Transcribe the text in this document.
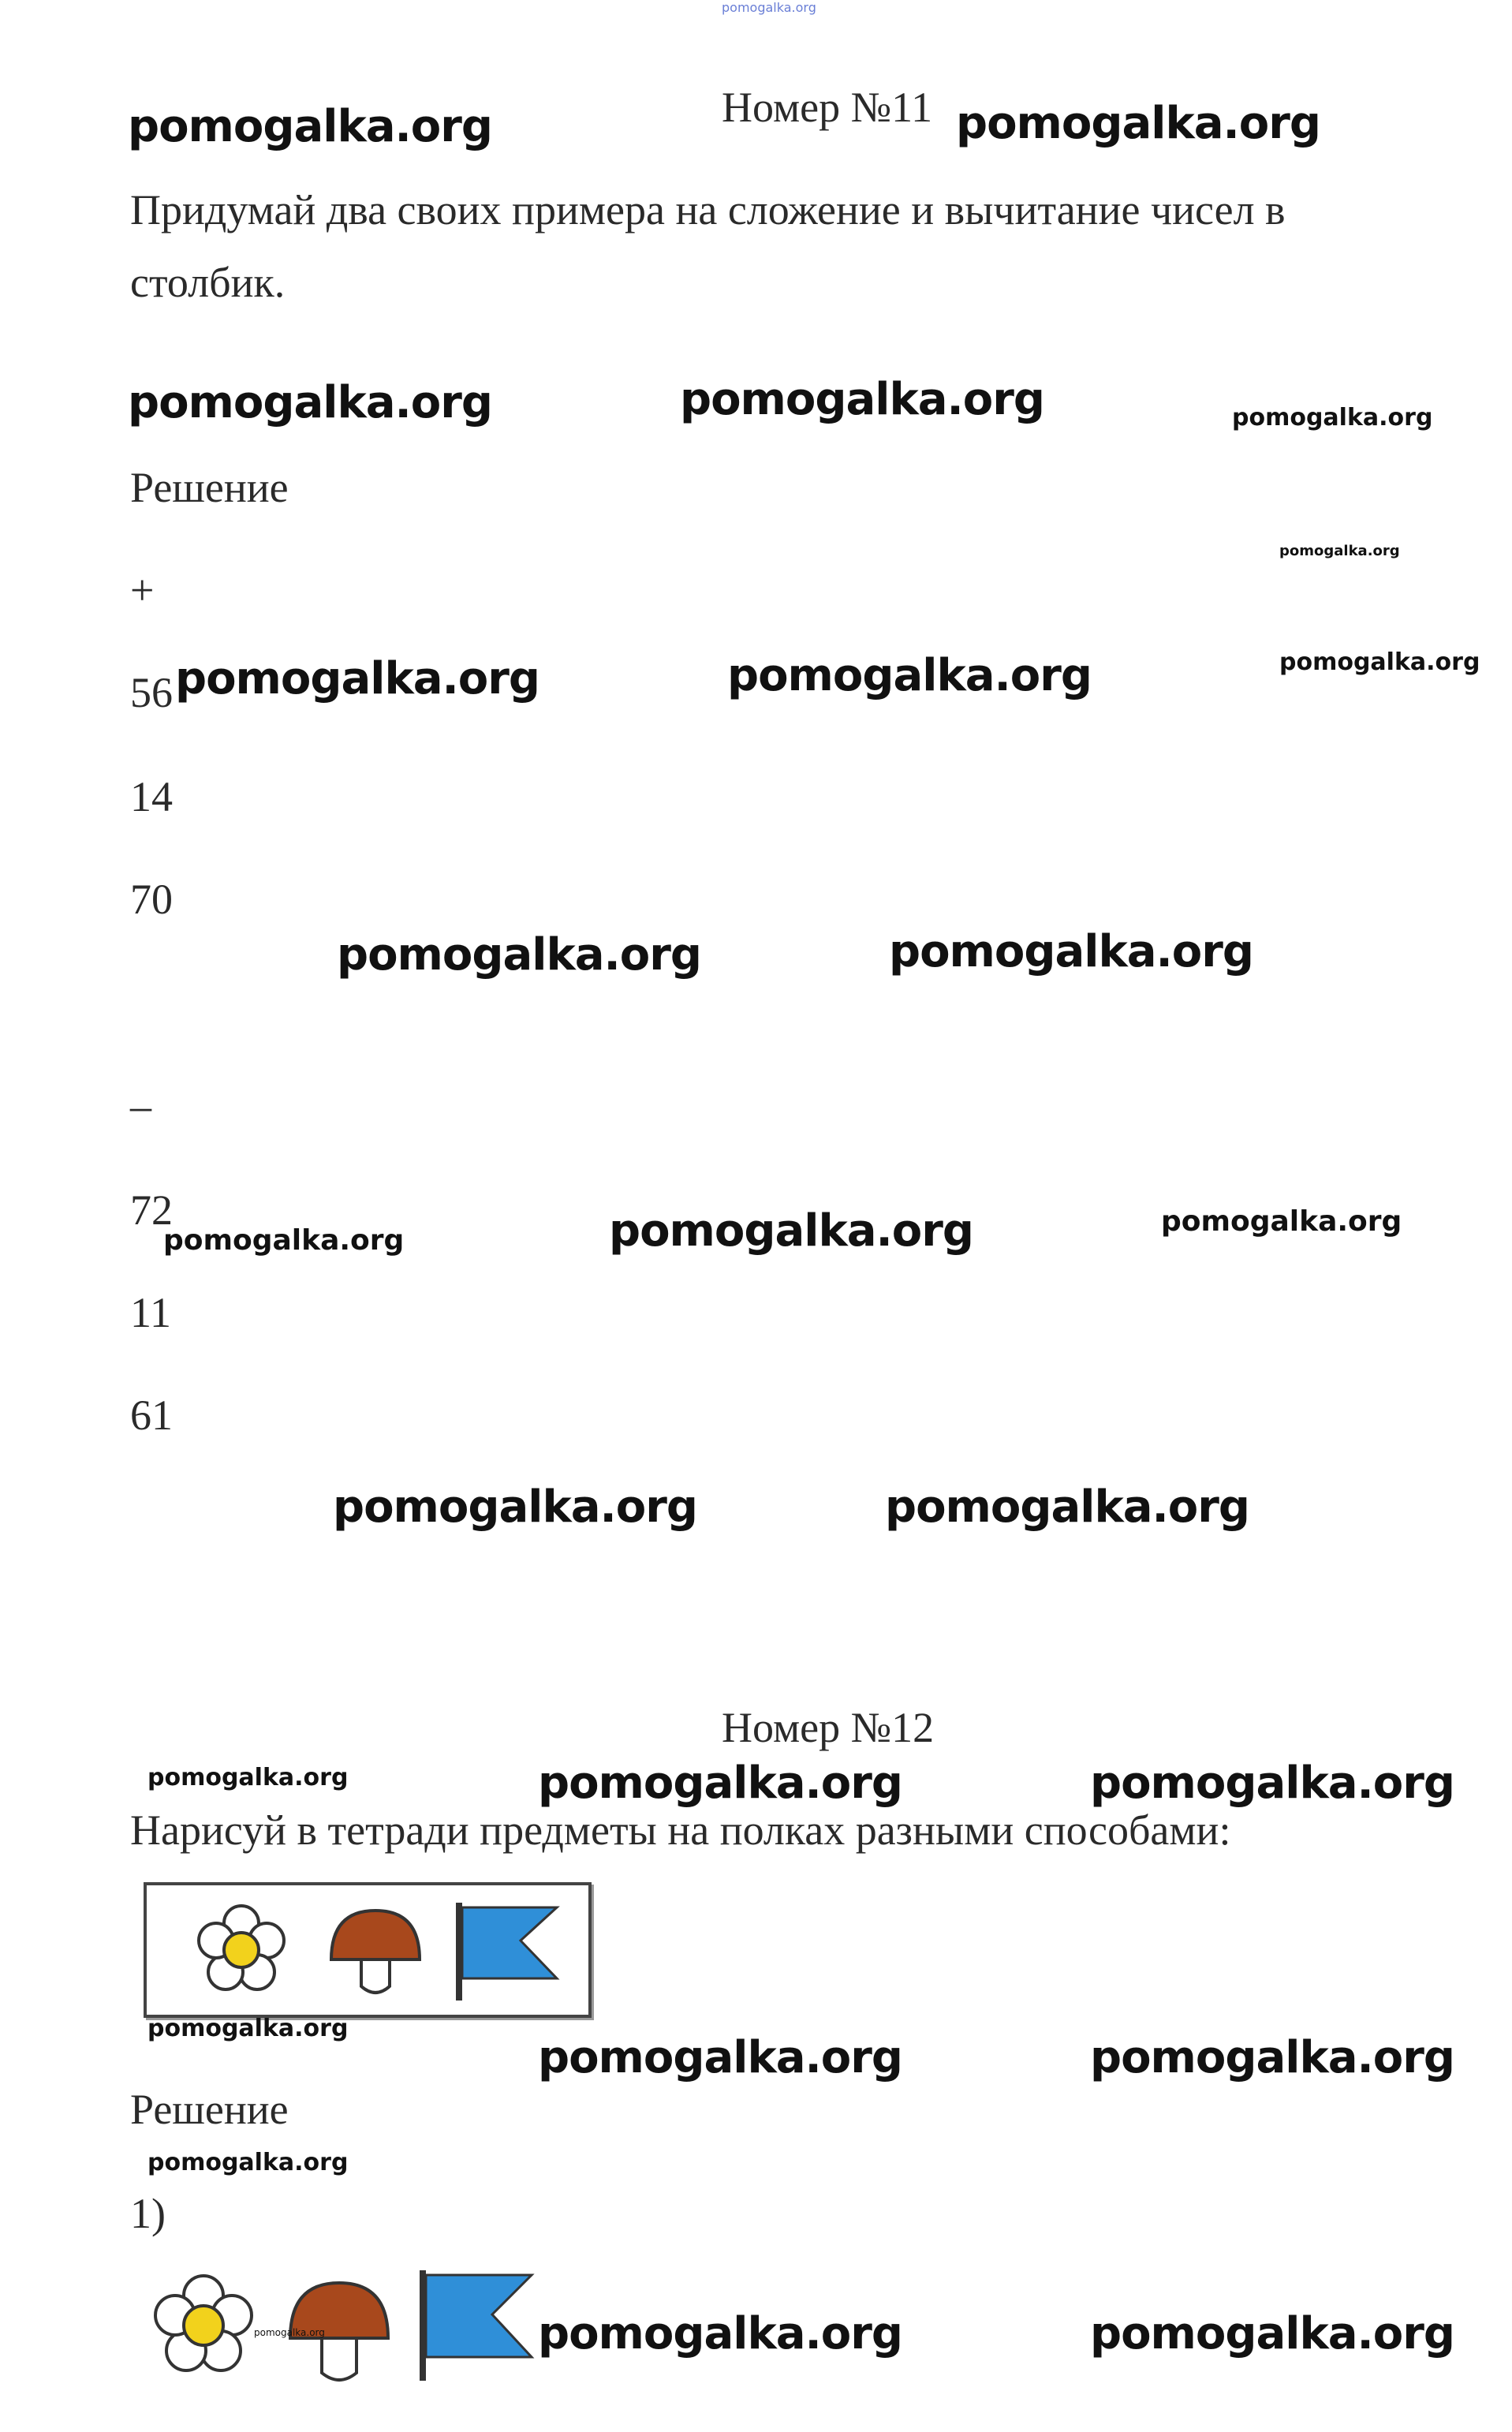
pomogalka.org
Номер №11
pomogalka.org	pomogalka.org
Придумай два своих примера на сложение и вычитание чисел в столбик.
pomogalka.org	pomogalka.org	pomogalka.org
Решение
pomogalka.org
+
56 pomogalka.org	pomogalka.org	pomogalka.org
14
70
pomogalka.org	pomogalka.org
–
72
pomogalka.org	pomogalka.org	pomogalka.org
11
61
pomogalka.org	pomogalka.org
Номер №12
pomogalka.org	pomogalka.org	pomogalka.org
Нарисуй в тетради предметы на полках разными способами:
pomogalka.org
pomogalka.org	pomogalka.org
Решение
pomogalka.org
1)
pomogalka.org	pomogalka.org	pomogalka.org
